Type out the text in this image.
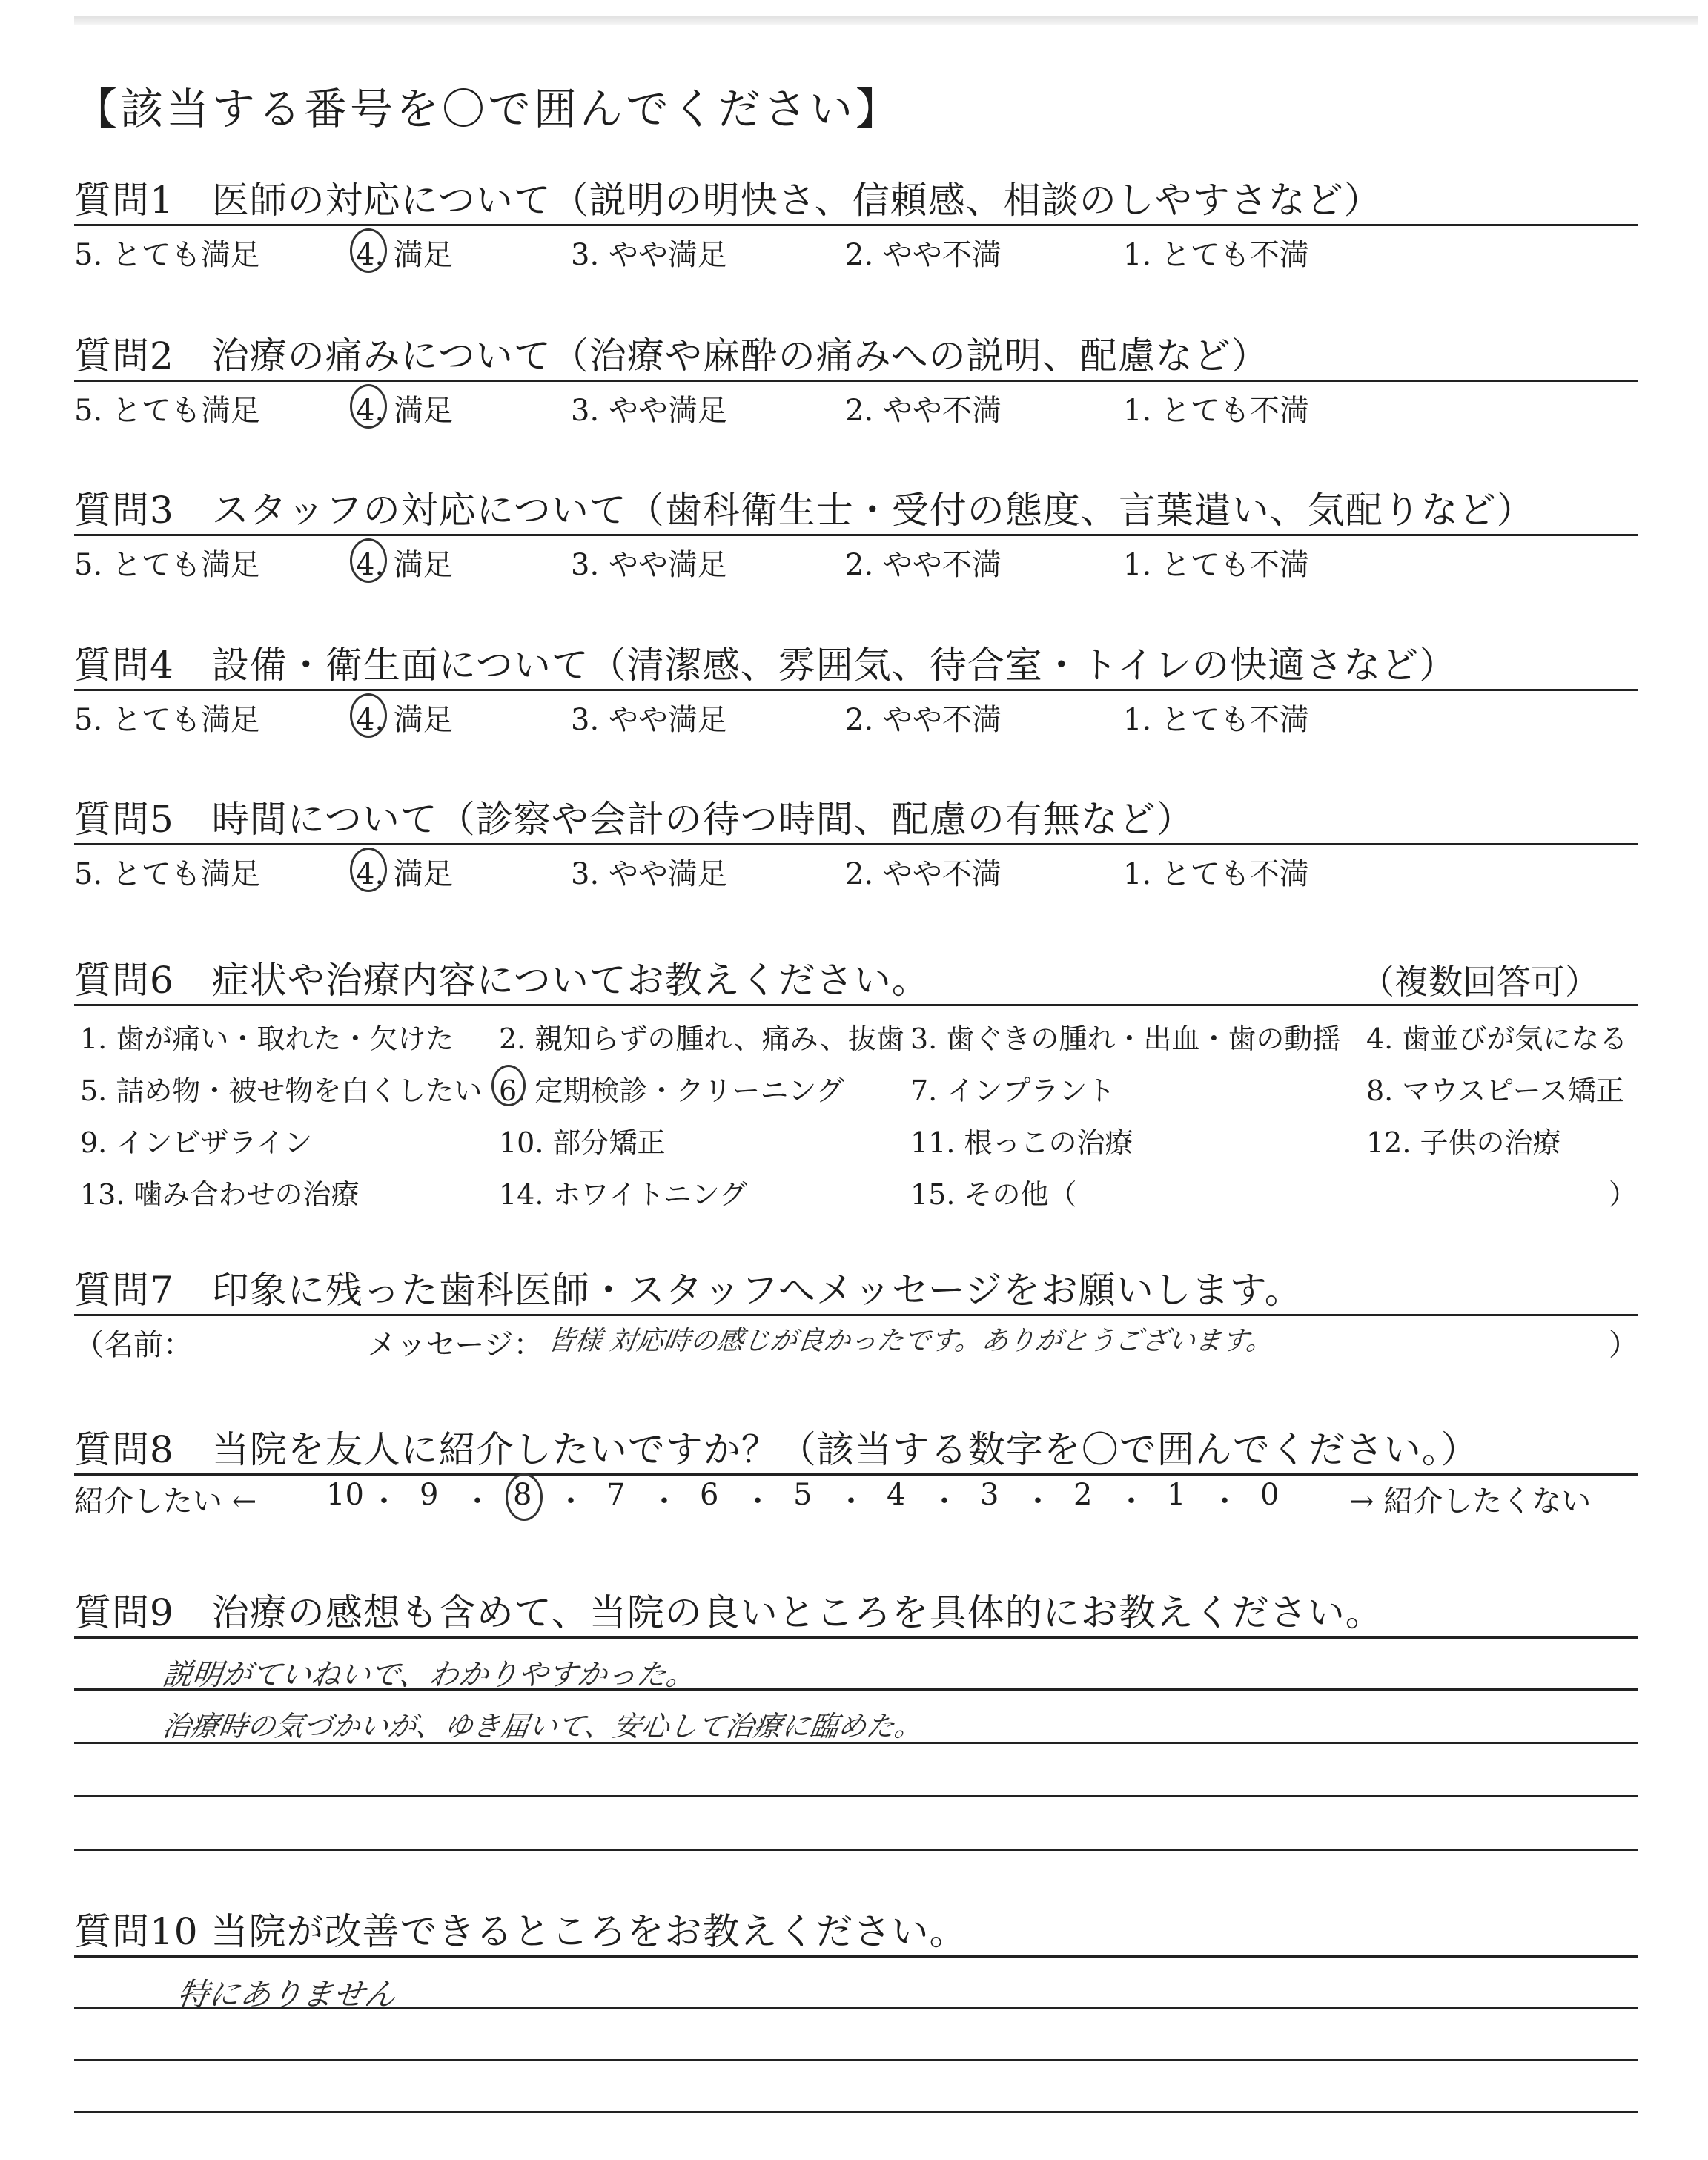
【該当する番号を〇で囲んでください】
質問1　医師の対応について（説明の明快さ、信頼感、相談のしやすさなど）
5. とても満足	4. 満足	3. やや満足	2. やや不満	1. とても不満
質問2　治療の痛みについて（治療や麻酔の痛みへの説明、配慮など）
5. とても満足	4. 満足	3. やや満足	2. やや不満	1. とても不満
質問3　スタッフの対応について（歯科衛生士・受付の態度、言葉遣い、気配りなど）
5. とても満足	4. 満足	3. やや満足	2. やや不満	1. とても不満
質問4　設備・衛生面について（清潔感、雰囲気、待合室・トイレの快適さなど）
5. とても満足	4. 満足	3. やや満足	2. やや不満	1. とても不満
質問5　時間について（診察や会計の待つ時間、配慮の有無など）
5. とても満足	4. 満足	3. やや満足	2. やや不満	1. とても不満
質問6　症状や治療内容についてお教えください。	（複数回答可）
1. 歯が痛い・取れた・欠けた 2. 親知らずの腫れ、痛み、抜歯 3. 歯ぐきの腫れ・出血・歯の動揺 4. 歯並びが気になる
5. 詰め物・被せ物を白くしたい 6. 定期検診・クリーニング 7. インプラント	8. マウスピース矯正
9. インビザライン	10. 部分矯正	11. 根っこの治療	12. 子供の治療
13. 噛み合わせの治療	14. ホワイトニング	15. その他（	）
質問7　印象に残った歯科医師・スタッフへメッセージをお願いします。
（名前：	メッセージ： 皆様 対応時の感じが良かったです。ありがとうございます。	）
質問8　当院を友人に紹介したいですか？（該当する数字を〇で囲んでください。）
紹介したい ←	→ 紹介したくない
10 ・ 9 ・ 8 ・ 7 ・ 6 ・ 5 ・ 4 ・ 3 ・ 2 ・ 1 ・ 0
質問9　治療の感想も含めて、当院の良いところを具体的にお教えください。
説明がていねいで、わかりやすかった。
治療時の気づかいが、ゆき届いて、安心して治療に臨めた。
質問10 当院が改善できるところをお教えください。
特にありません
